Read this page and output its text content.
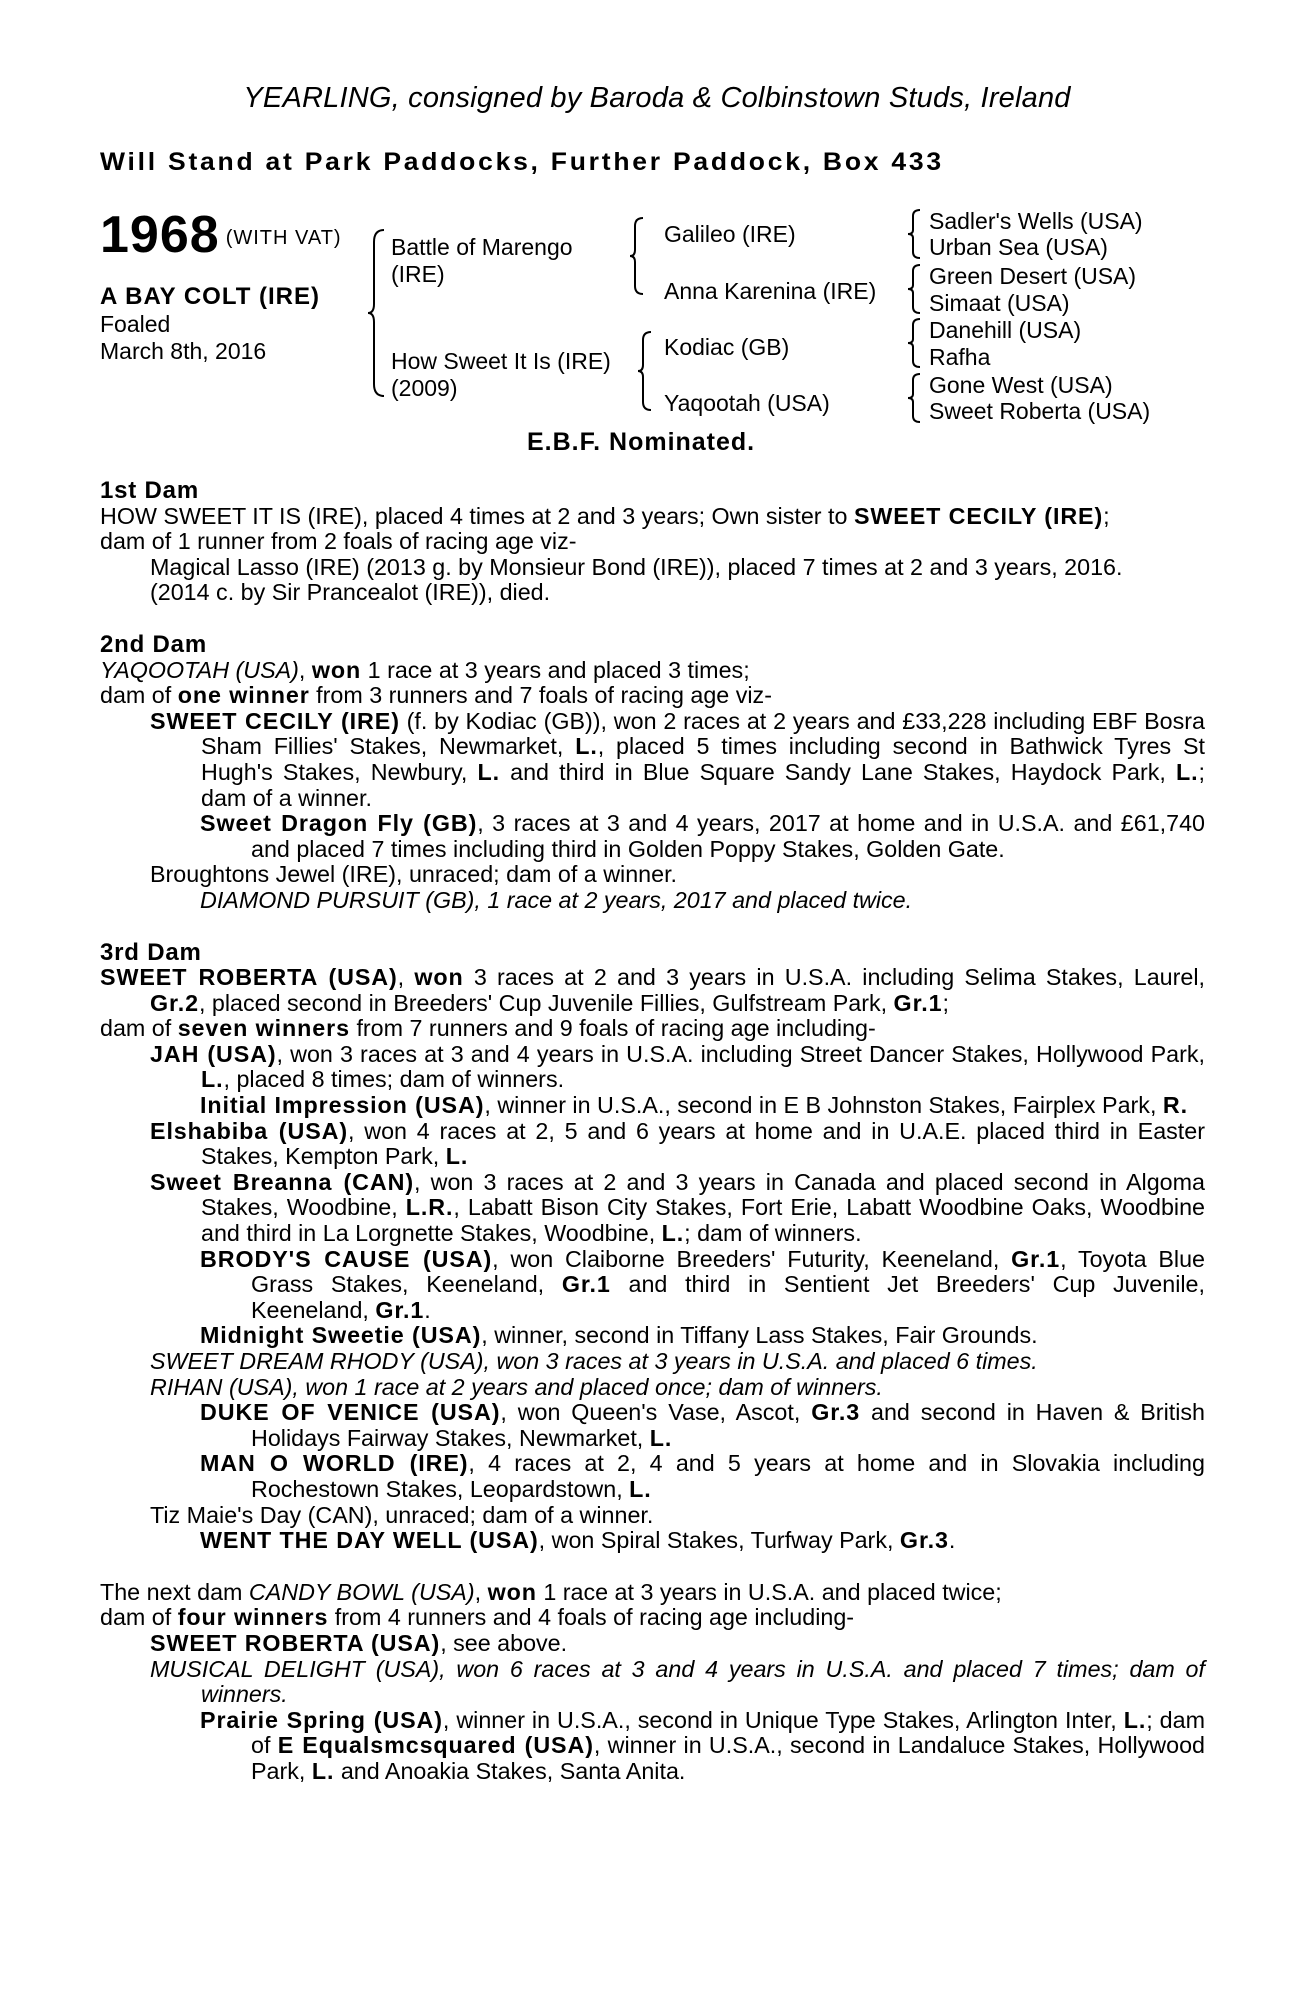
YEARLING, consigned by Baroda & Colbinstown Studs, Ireland
Will Stand at Park Paddocks, Further Paddock, Box 433
1968 (WITH VAT)
A BAY COLT (IRE)
Foaled
March 8th, 2016
Battle of Marengo
(IRE)
How Sweet It Is (IRE)
(2009)
Galileo (IRE)
Anna Karenina (IRE)
Kodiac (GB)
Yaqootah (USA)
Sadler's Wells (USA)
Urban Sea (USA)
Green Desert (USA)
Simaat (USA)
Danehill (USA)
Rafha
Gone West (USA)
Sweet Roberta (USA)
E.B.F. Nominated.
1st Dam
HOW SWEET IT IS (IRE), placed 4 times at 2 and 3 years; Own sister to SWEET CECILY (IRE);
dam of 1 runner from 2 foals of racing age viz-
Magical Lasso (IRE) (2013 g. by Monsieur Bond (IRE)), placed 7 times at 2 and 3 years, 2016.
(2014 c. by Sir Prancealot (IRE)), died.
2nd Dam
YAQOOTAH (USA), won 1 race at 3 years and placed 3 times;
dam of one winner from 3 runners and 7 foals of racing age viz-
SWEET CECILY (IRE) (f. by Kodiac (GB)), won 2 races at 2 years and £33,228 including EBF Bosra Sham Fillies' Stakes, Newmarket, L., placed 5 times including second in Bathwick Tyres St Hugh's Stakes, Newbury, L. and third in Blue Square Sandy Lane Stakes, Haydock Park, L.; dam of a winner.
Sweet Dragon Fly (GB), 3 races at 3 and 4 years, 2017 at home and in U.S.A. and £61,740 and placed 7 times including third in Golden Poppy Stakes, Golden Gate.
Broughtons Jewel (IRE), unraced; dam of a winner.
DIAMOND PURSUIT (GB), 1 race at 2 years, 2017 and placed twice.
3rd Dam
SWEET ROBERTA (USA), won 3 races at 2 and 3 years in U.S.A. including Selima Stakes, Laurel, Gr.2, placed second in Breeders' Cup Juvenile Fillies, Gulfstream Park, Gr.1;
dam of seven winners from 7 runners and 9 foals of racing age including-
JAH (USA), won 3 races at 3 and 4 years in U.S.A. including Street Dancer Stakes, Hollywood Park, L., placed 8 times; dam of winners.
Initial Impression (USA), winner in U.S.A., second in E B Johnston Stakes, Fairplex Park, R.
Elshabiba (USA), won 4 races at 2, 5 and 6 years at home and in U.A.E. placed third in Easter Stakes, Kempton Park, L.
Sweet Breanna (CAN), won 3 races at 2 and 3 years in Canada and placed second in Algoma Stakes, Woodbine, L.R., Labatt Bison City Stakes, Fort Erie, Labatt Woodbine Oaks, Woodbine and third in La Lorgnette Stakes, Woodbine, L.; dam of winners.
BRODY'S CAUSE (USA), won Claiborne Breeders' Futurity, Keeneland, Gr.1, Toyota Blue Grass Stakes, Keeneland, Gr.1 and third in Sentient Jet Breeders' Cup Juvenile, Keeneland, Gr.1.
Midnight Sweetie (USA), winner, second in Tiffany Lass Stakes, Fair Grounds.
SWEET DREAM RHODY (USA), won 3 races at 3 years in U.S.A. and placed 6 times.
RIHAN (USA), won 1 race at 2 years and placed once; dam of winners.
DUKE OF VENICE (USA), won Queen's Vase, Ascot, Gr.3 and second in Haven & British Holidays Fairway Stakes, Newmarket, L.
MAN O WORLD (IRE), 4 races at 2, 4 and 5 years at home and in Slovakia including Rochestown Stakes, Leopardstown, L.
Tiz Maie's Day (CAN), unraced; dam of a winner.
WENT THE DAY WELL (USA), won Spiral Stakes, Turfway Park, Gr.3.
The next dam CANDY BOWL (USA), won 1 race at 3 years in U.S.A. and placed twice;
dam of four winners from 4 runners and 4 foals of racing age including-
SWEET ROBERTA (USA), see above.
MUSICAL DELIGHT (USA), won 6 races at 3 and 4 years in U.S.A. and placed 7 times; dam of winners.
Prairie Spring (USA), winner in U.S.A., second in Unique Type Stakes, Arlington Inter, L.; dam of E Equalsmcsquared (USA), winner in U.S.A., second in Landaluce Stakes, Hollywood Park, L. and Anoakia Stakes, Santa Anita.
